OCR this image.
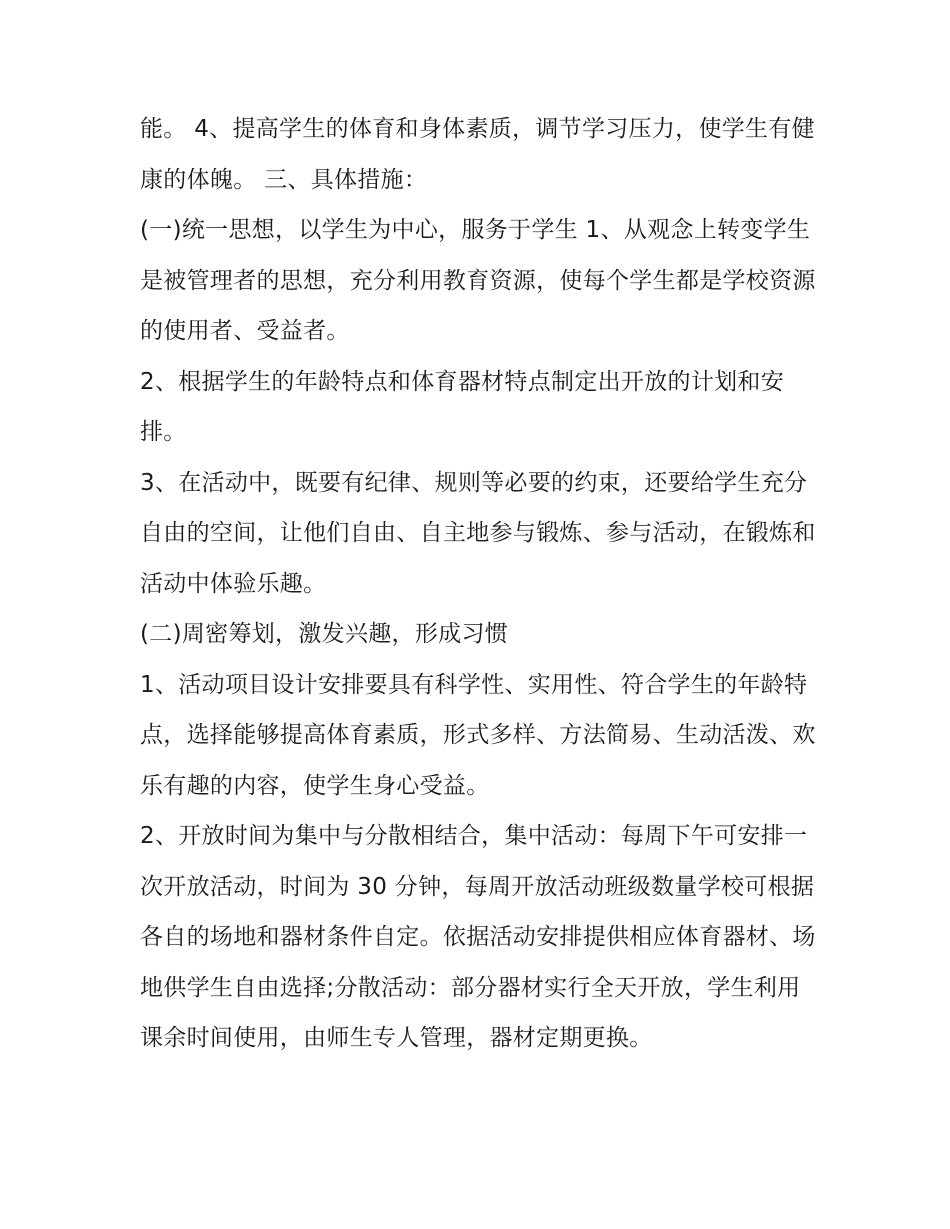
能。 4、提高学生的体育和身体素质，调节学习压力，使学生有健康的体魄。 三、具体措施：

(一)统一思想，以学生为中心，服务于学生 1、从观念上转变学生是被管理者的思想，充分利用教育资源，使每个学生都是学校资源的使用者、受益者。

2、根据学生的年龄特点和体育器材特点制定出开放的计划和安排。

3、在活动中，既要有纪律、规则等必要的约束，还要给学生充分自由的空间，让他们自由、自主地参与锻炼、参与活动，在锻炼和活动中体验乐趣。

(二)周密筹划，激发兴趣，形成习惯

1、活动项目设计安排要具有科学性、实用性、符合学生的年龄特点，选择能够提高体育素质，形式多样、方法简易、生动活泼、欢乐有趣的内容，使学生身心受益。

2、开放时间为集中与分散相结合，集中活动：每周下午可安排一次开放活动，时间为 30 分钟，每周开放活动班级数量学校可根据各自的场地和器材条件自定。依据活动安排提供相应体育器材、场地供学生自由选择;分散活动：部分器材实行全天开放，学生利用课余时间使用，由师生专人管理，器材定期更换。
